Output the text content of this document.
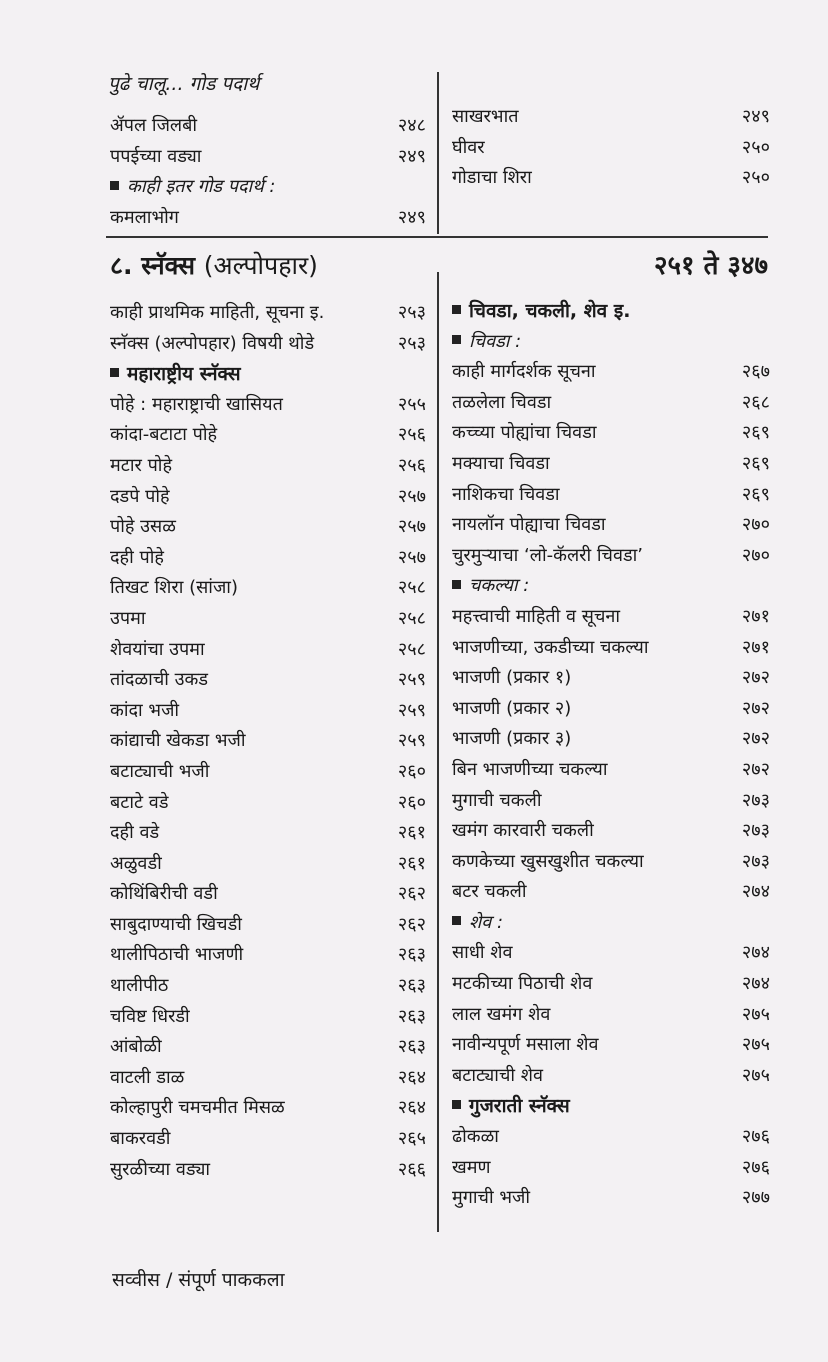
पुढे चालू... गोड पदार्थ
ॲपल जिलबी	२४८
पपईच्या वड्या	२४९
काही इतर गोड पदार्थ :
कमलाभोग	२४९
साखरभात	२४९
घीवर	२५०
गोडाचा शिरा	२५०
८. स्नॅक्स (अल्पोपहार)	२५१ ते ३४७
काही प्राथमिक माहिती, सूचना इ.	२५३
स्नॅक्स (अल्पोपहार) विषयी थोडे	२५३
महाराष्ट्रीय स्नॅक्स
पोहे : महाराष्ट्राची खासियत	२५५
कांदा-बटाटा पोहे	२५६
मटार पोहे	२५६
दडपे पोहे	२५७
पोहे उसळ	२५७
दही पोहे	२५७
तिखट शिरा (सांजा)	२५८
उपमा	२५८
शेवयांचा उपमा	२५८
तांदळाची उकड	२५९
कांदा भजी	२५९
कांद्याची खेकडा भजी	२५९
बटाट्याची भजी	२६०
बटाटे वडे	२६०
दही वडे	२६१
अळुवडी	२६१
कोथिंबिरीची वडी	२६२
साबुदाण्याची खिचडी	२६२
थालीपिठाची भाजणी	२६३
थालीपीठ	२६३
चविष्ट धिरडी	२६३
आंबोळी	२६३
वाटली डाळ	२६४
कोल्हापुरी चमचमीत मिसळ	२६४
बाकरवडी	२६५
सुरळीच्या वड्या	२६६
चिवडा, चकली, शेव इ.
चिवडा :
काही मार्गदर्शक सूचना	२६७
तळलेला चिवडा	२६८
कच्च्या पोह्यांचा चिवडा	२६९
मक्याचा चिवडा	२६९
नाशिकचा चिवडा	२६९
नायलॉन पोह्याचा चिवडा	२७०
चुरमुऱ्याचा ‘लो-कॅलरी चिवडा’	२७०
चकल्या :
महत्त्वाची माहिती व सूचना	२७१
भाजणीच्या, उकडीच्या चकल्या	२७१
भाजणी (प्रकार १)	२७२
भाजणी (प्रकार २)	२७२
भाजणी (प्रकार ३)	२७२
बिन भाजणीच्या चकल्या	२७२
मुगाची चकली	२७३
खमंग कारवारी चकली	२७३
कणकेच्या खुसखुशीत चकल्या	२७३
बटर चकली	२७४
शेव :
साधी शेव	२७४
मटकीच्या पिठाची शेव	२७४
लाल खमंग शेव	२७५
नावीन्यपूर्ण मसाला शेव	२७५
बटाट्याची शेव	२७५
गुजराती स्नॅक्स
ढोकळा	२७६
खमण	२७६
मुगाची भजी	२७७
सव्वीस / संपूर्ण पाककला
